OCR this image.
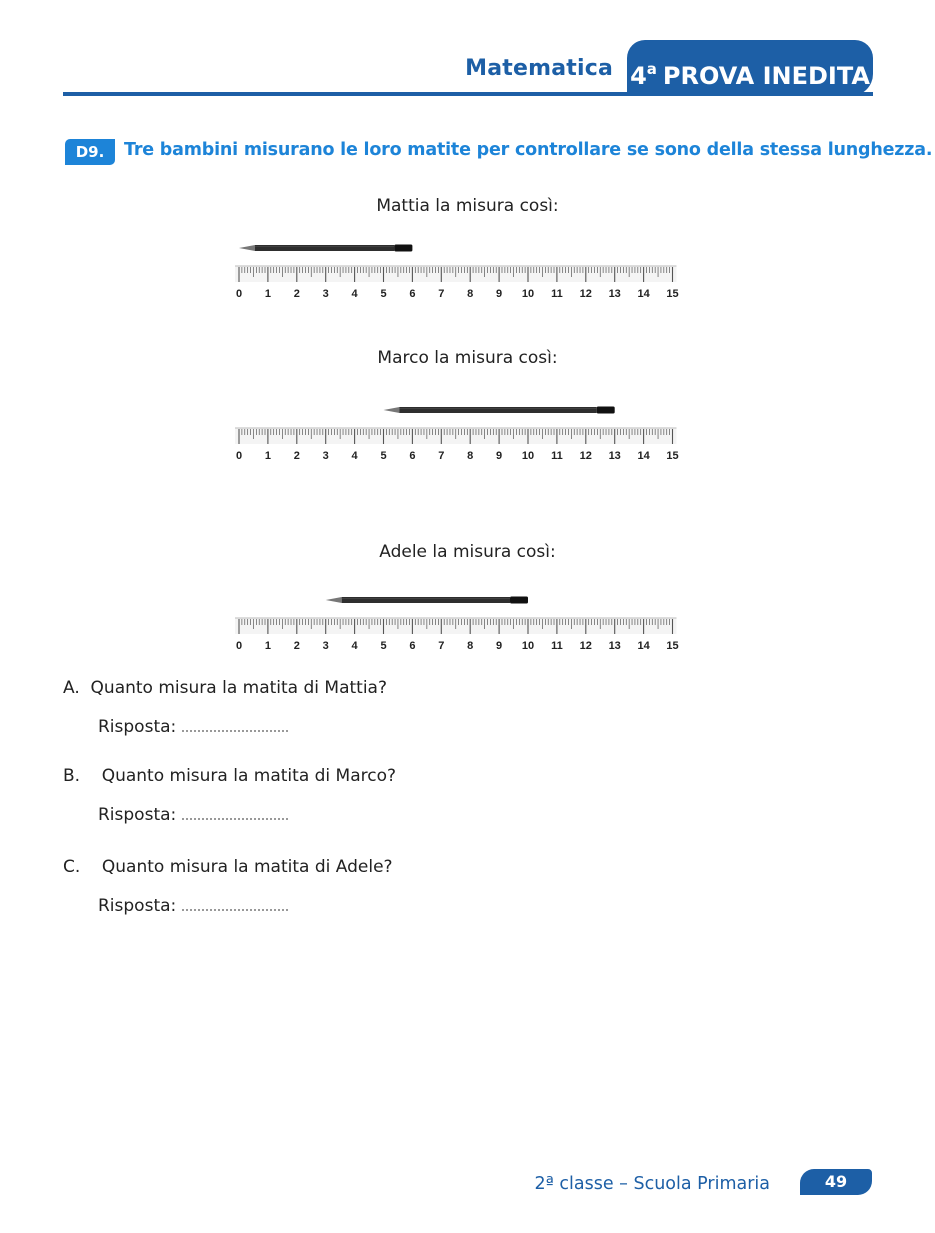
Matematica 4$^a$ PROVA INEDITA
D9.	Tre bambini misurano le loro matite per controllare se sono della stessa lunghezza.
Mattia la misura così:
0 1 2 3 4 5 6 7 8 9 10 11 12 13 14 15
Marco la misura così:
0 1 2 3 4 5 6 7 8 9 10 11 12 13 14 15
Adele la misura così:
0 1 2 3 4 5 6 7 8 9 10 11 12 13 14 15
A. Quanto misura la matita di Mattia?
Risposta:
B. Quanto misura la matita di Marco?
Risposta:
C. Quanto misura la matita di Adele?
Risposta:
2ª classe – Scuola Primaria	49
